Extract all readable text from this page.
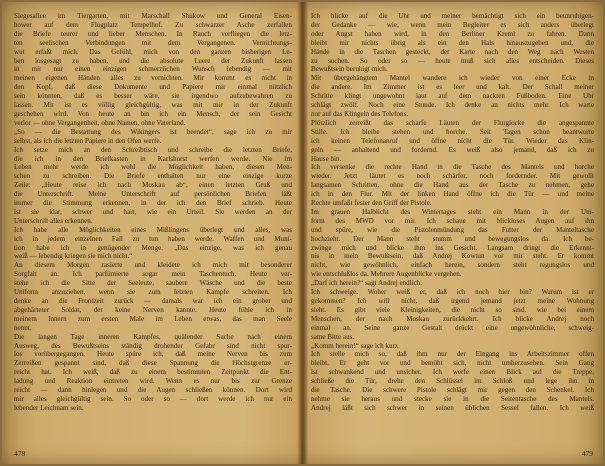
Siegesallee im Tiergarten, mit Marschall Shukow und General Eisen-
hower auf dem Flugplatz Tempelhof. Zu schwarzer Asche zerfallen
die Briefe teurer und lieber Menschen. In Rauch verfliegen die letz-
ten seelischen Verbindungen mit dem Vergangenen. Vernichtungs-
wut erfaßt mich. Das Gefühl, mich von den ganzen bisherigen Le-
ben losgesagt zu haben, und die absolute Leere der Zukunft lassen
in mir nur einen einzigen schmerzlichen Wunsch lebendig — mit
meinen eigenen Händen alles zu vernichten. Mir kommt es nicht in
den Kopf, daß diese Dokumente und Papiere mir einmal nützlich
sein könnten, daß es besser wäre, sie irgendwo aufzubewahren zu
lassen. Mit ist es völlig gleichgültig, was mit mir in der Zukunft
geschehen wird. Von heute an bin ich ein Mensch, der sein Gesicht
verlor — ohne Vergangenheit, ohne Namen, ohne Vaterland.
„So — die Bestattung des Wikingers ist beendet“, sage ich zu mir
selbst, als ich die letzten Papiere in den Ofen werfe.
Ich setze mich an den Schreibtisch und schreibe die letzten Briefe,
die ich in den Briefkasten in Karlshorst werfen werde. Nie im
Leben mehr werde ich wohl die Möglichkeit haben, diesen Men-
schen zu schreiben. Die Briefe enthalten nur eine einzige kurze
Zeile: „Heute reise ich nach Moskau ab“, einen letzten Gruß und
die Unterschrift. Meine Unterschrift auf persönlichen Briefen läßt
immer die Stimmung erkennen, in der ich den Brief schrieb. Heute
ist sie klar, schwer und hart, wie ein Urteil. Sie werden an der
Unterschrift alles erkennen.
Ich habe alle Möglichkeiten eines Mißlingens überlegt und alles, was
ich in jedem einzelnen Fall zu tun haben werde. Waffen und Muni-
tion habe ich in genügender Menge. „Das einzige, was ich genau
weiß — lebendig kriegen sie mich nicht.“
An diesem Morgen rasierte und kleidete ich mich mit besonderer
Sorgfalt an. Ich parfümierte sogar mein Taschentuch. Heute ver-
stehe ich die Sitte der Seeleute, saubere Wäsche und die beste
Uniform anzuziehen, wenn sie zum letzten Kampfe schreiten. Ich
denke an die Frontzeit zurück — damals war ich ein grober und
abgehärteter Soldat, der keine Nerven kannte. Heute fühle ich in
meinem Innern zum ersten Male im Leben etwas, das man Seele
nennt.
Die langen Tage inneren Kampfes, quälender Suche nach einem
Ausweg, des Bewußtseins ständig drohender Gefahr sind nicht spur-
los vorübergegangen. Heute spüre ich, daß meine Nerven bis zum
Zerreißen gespannt sind, daß diese Spannung die Höchstgrenze er-
reicht hat. Ich weiß, daß zu einem bestimmten Zeitpunkt die Ent-
ladung und Reaktion eintreten wird. Wenn es nur bis zur Grenze
reicht — dann hinlegen und die Augen schließen können. Dort wird
mir alles gleichgültig sein. So oder so — dort werde ich nur ein
lebender Leichnam sein.
478
Ich blicke auf die Uhr und meiner bemächtigt sich ein beunruhigen-
der Gedanke — wie, wenn mein Begleiter es sich anders überlegt
oder Angst haben wird, in den Berliner Kreml zu fahren. Dann
bleibt mir nichts übrig als ein den Hals hinauszugeben und, die
Hände in die Taschen gesteckt, der Karte nach den Weg nach Westen
zu suchen. So oder so — heute muß sich alles entscheiden. Dieses
Bewußtsein beruhigt mich.
Mit übergehängtem Mantel wandere ich wieder von einer Ecke in
die andere. Im Zimmer ist es leer und kalt. Der Schall meiner
Schritte klingt ungewohnt laut auf dem nackten Fußboden. Eine Uhr
schlägt zwölf. Noch eine Stunde. Ich denke an nichts mehr. Ich warte
nur auf das Klingeln des Telefons.
Plötzlich zerreißt das scharfe Läuten der Flurglocke die angespannte
Stille. Ich bleibe stehen und horche. Seit Tagen schon beantworte
ich keinen Telefonanruf und öffne nicht die Tür. Wieder das Klin-
geln — anhaltend und fordernd. Es weiß also jemand, daß ich zu
Hause bin.
Ich versenke die rechte Hand in die Tasche des Mantels und horche
wieder. Jetzt läutet es noch schärfer, noch fordernder. Mit gewollt
langsamen Schritten, ohne die Hand aus der Tasche zu nehmen, gehe
ich in den Flur. Mit der linken Hand öffne ich die Tür — und meine
Rechte umfaßt fester den Griff der Pistole.
Im grauen Halblicht des Wintertages steht ein Mann in der Uni-
form des MWD vor mir. Ich schaue mit blickloses Augen auf ihn
und spüre, wie die Pistolenmündung das Futter der Manteltasche
hochzieht. Der Mann steht stumm und bewegungslos da. Ich be-
zwinge mich und blicke ihm ins Gesicht. Langsam dringt die Erkennt-
nis in mein Bewußtsein, daß Andrej Kowtun vor mir steht. Er kommt
nicht, wie gewöhnlich, einfach herein, sondern steht regungslos und
wie entschlußlos da. Mehrere Augenblicke vergehen.
„Darf ich herein?“ sagt Andrej endlich.
Ich schweige. Woher weiß er, daß ich noch hier bin? Warum ist er
gekommen? Ich will nicht, daß irgend jemand jetzt meine Wohnung
sieht. Es gibt viele Kleinigkeiten, die nicht so sind, wie bei einem
Menschen, der nach Moskau zurückkehrt. Ich blicke Andrej noch
einmal an. Seine ganze Gestalt drückt eine ungewöhnliche, schweig-
same Bitte aus.
„Komm herein!“ sage ich kurz.
Ich stelle mich so, daß ihm nur der Eingang ins Arbeitszimmer offen
bleibt. Er geht vor und bemüht sich, nicht umherzusehen. Sein Gang
ist schwankend und unsicher. Ich werfe einen Blick auf die Treppe,
schließe die Tür, drehe den Schlüssel im Schloß und lege ihn in
die Tasche. Die schwere Pistole schlägt mir gegen den Schenkel. Ich
nehme sie heraus und stecke sie in die Seitentasche des Mantels.
Andrej läßt sich schwer in seinen üblichen Sessel fallen. Ich weiß
479
